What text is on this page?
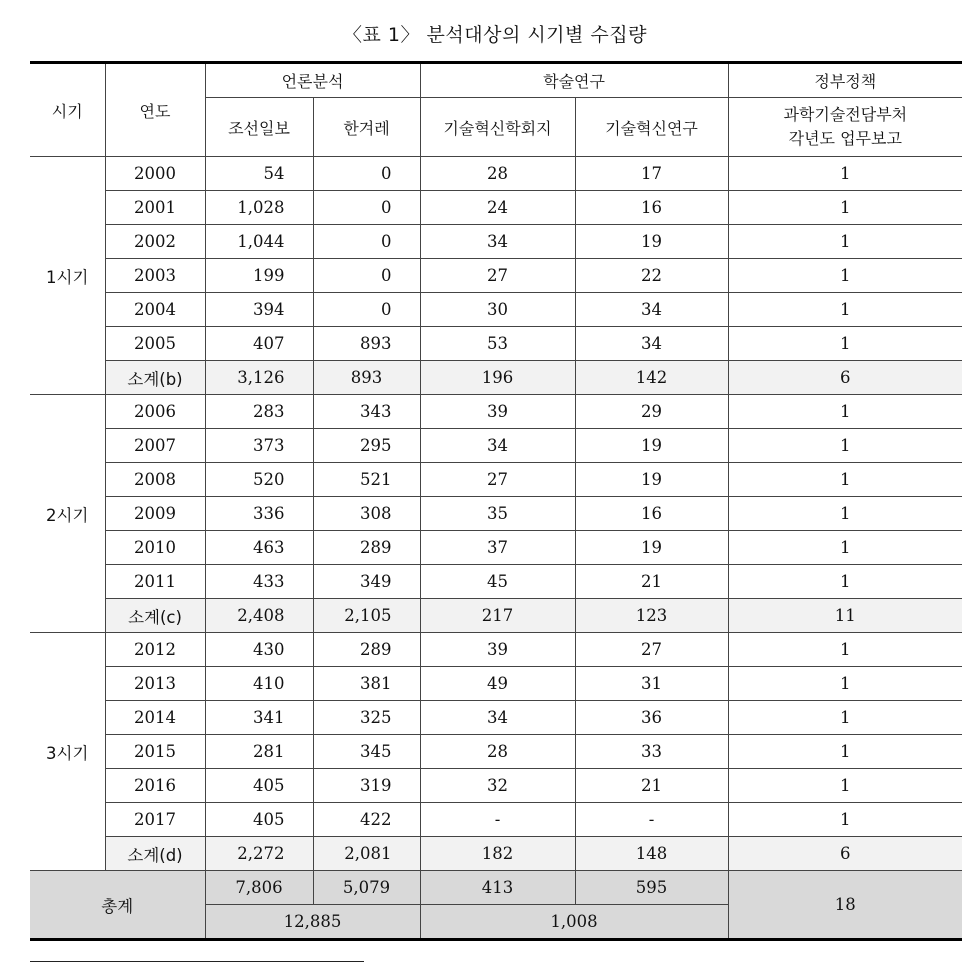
〈표 1〉 분석대상의 시기별 수집량
시기	연도	언론분석		학술연구		정부정책
		조선일보	한겨레	기술혁신학회지	기술혁신연구	과학기술전담부처
각년도 업무보고

1시기	2000	54	0	28	17	1
	2001	1,028	0	24	16	1
	2002	1,044	0	34	19	1
	2003	199	0	27	22	1
	2004	394	0	30	34	1
	2005	407	893	53	34	1
	소계(b)	3,126	893	196	142	6
2시기	2006	283	343	39	29	1
	2007	373	295	34	19	1
	2008	520	521	27	19	1
	2009	336	308	35	16	1
	2010	463	289	37	19	1
	2011	433	349	45	21	1
	소계(c)	2,408	2,105	217	123	11
3시기	2012	430	289	39	27	1
	2013	410	381	49	31	1
	2014	341	325	34	36	1
	2015	281	345	28	33	1
	2016	405	319	32	21	1
	2017	405	422	-	-	1
	소계(d)	2,272	2,081	182	148	6
총계		7,806	5,079	413	595	18
		12,885		1,008		
